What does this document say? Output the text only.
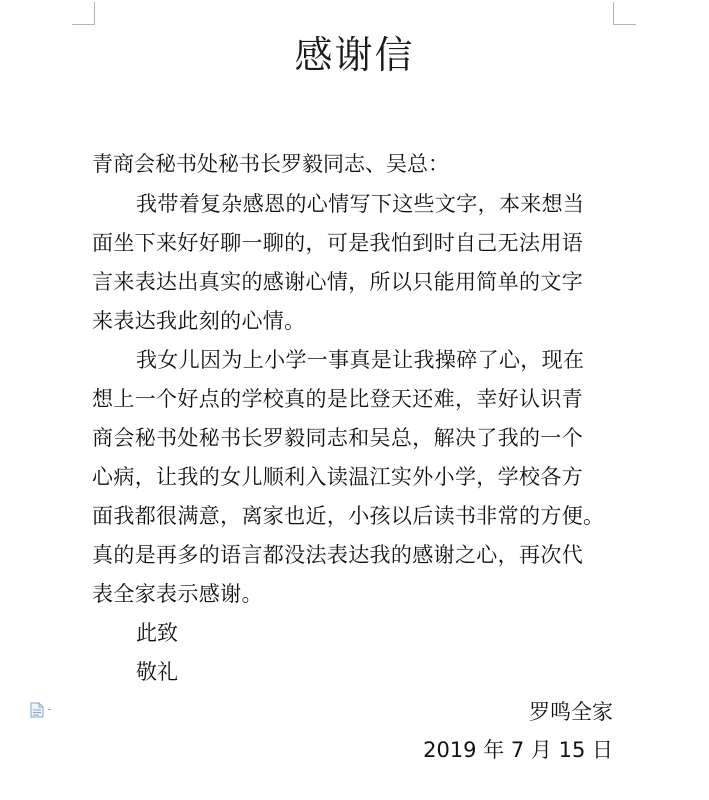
感谢信
青商会秘书处秘书长罗毅同志、吴总：
我带着复杂感恩的心情写下这些文字，本来想当
面坐下来好好聊一聊的，可是我怕到时自己无法用语
言来表达出真实的感谢心情，所以只能用简单的文字
来表达我此刻的心情。
我女儿因为上小学一事真是让我操碎了心，现在
想上一个好点的学校真的是比登天还难，幸好认识青
商会秘书处秘书长罗毅同志和吴总，解决了我的一个
心病，让我的女儿顺利入读温江实外小学，学校各方
面我都很满意，离家也近，小孩以后读书非常的方便。
真的是再多的语言都没法表达我的感谢之心，再次代
表全家表示感谢。
此致
敬礼
罗鸣全家
2019 年 7 月 15 日
